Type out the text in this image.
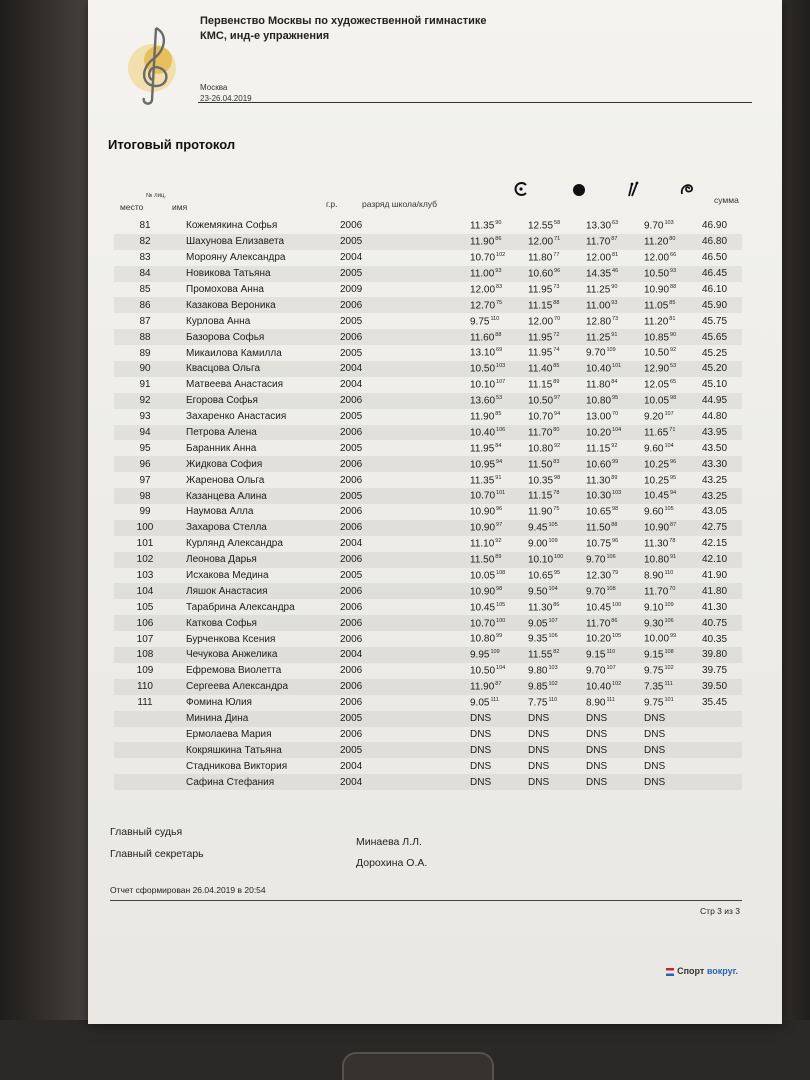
Первенство Москвы по художественной гимнастике
КМС, инд-е упражнения
Москва
23-26.04.2019
Итоговый протокол
место
№ лиц.
имя	г.р.	разряд школа/клуб	сумма
81	Кожемякина Софья	2006	11.35$^{90}$	12.55$^{58}$	13.30$^{63}$	9.70$^{103}$	46.90
82	Шахунова Елизавета	2005	11.90$^{86}$	12.00$^{71}$	11.70$^{87}$	11.20$^{80}$	46.80
83	Морояну Александра	2004	10.70$^{102}$	11.80$^{77}$	12.00$^{81}$	12.00$^{66}$	46.50
84	Новикова Татьяна	2005	11.00$^{93}$	10.60$^{96}$	14.35$^{46}$	10.50$^{93}$	46.45
85	Промохова Анна	2009	12.00$^{83}$	11.95$^{73}$	11.25$^{90}$	10.90$^{88}$	46.10
86	Казакова Вероника	2006	12.70$^{75}$	11.15$^{88}$	11.00$^{93}$	11.05$^{85}$	45.90
87	Курлова Анна	2005	9.75$^{110}$	12.00$^{70}$	12.80$^{73}$	11.20$^{81}$	45.75
88	Базорова Софья	2006	11.60$^{88}$	11.95$^{72}$	11.25$^{91}$	10.85$^{90}$	45.65
89	Микаилова Камилла	2005	13.10$^{69}$	11.95$^{74}$	9.70$^{109}$	10.50$^{92}$	45.25
90	Квасцова Ольга	2004	10.50$^{103}$	11.40$^{85}$	10.40$^{101}$	12.90$^{53}$	45.20
91	Матвеева Анастасия	2004	10.10$^{107}$	11.15$^{89}$	11.80$^{84}$	12.05$^{65}$	45.10
92	Егорова Софья	2006	13.60$^{53}$	10.50$^{97}$	10.80$^{95}$	10.05$^{98}$	44.95
93	Захаренко Анастасия	2005	11.90$^{85}$	10.70$^{94}$	13.00$^{70}$	9.20$^{107}$	44.80
94	Петрова Алена	2006	10.40$^{106}$	11.70$^{80}$	10.20$^{104}$	11.65$^{71}$	43.95
95	Баранник Анна	2005	11.95$^{84}$	10.80$^{92}$	11.15$^{92}$	9.60$^{104}$	43.50
96	Жидкова София	2006	10.95$^{94}$	11.50$^{83}$	10.60$^{99}$	10.25$^{96}$	43.30
97	Жаренова Ольга	2006	11.35$^{91}$	10.35$^{98}$	11.30$^{89}$	10.25$^{95}$	43.25
98	Казанцева Алина	2005	10.70$^{101}$	11.15$^{78}$	10.30$^{103}$	10.45$^{94}$	43.25
99	Наумова Алла	2006	10.90$^{96}$	11.90$^{75}$	10.65$^{98}$	9.60$^{105}$	43.05
100	Захарова Стелла	2006	10.90$^{97}$	9.45$^{105}$	11.50$^{88}$	10.90$^{87}$	42.75
101	Курлянд Александра	2004	11.10$^{92}$	9.00$^{109}$	10.75$^{96}$	11.30$^{78}$	42.15
102	Леонова Дарья	2006	11.50$^{89}$	10.10$^{100}$	9.70$^{106}$	10.80$^{91}$	42.10
103	Исхакова Медина	2005	10.05$^{108}$	10.65$^{95}$	12.30$^{79}$	8.90$^{110}$	41.90
104	Ляшок Анастасия	2006	10.90$^{98}$	9.50$^{104}$	9.70$^{108}$	11.70$^{70}$	41.80
105	Тарабрина Александра	2006	10.45$^{105}$	11.30$^{86}$	10.45$^{100}$	9.10$^{109}$	41.30
106	Каткова Софья	2006	10.70$^{100}$	9.05$^{107}$	11.70$^{86}$	9.30$^{106}$	40.75
107	Бурченкова Ксения	2006	10.80$^{99}$	9.35$^{106}$	10.20$^{105}$	10.00$^{99}$	40.35
108	Чечукова Анжелика	2004	9.95$^{109}$	11.55$^{82}$	9.15$^{110}$	9.15$^{108}$	39.80
109	Ефремова Виолетта	2006	10.50$^{104}$	9.80$^{103}$	9.70$^{107}$	9.75$^{102}$	39.75
110	Сергеева Александра	2006	11.90$^{87}$	9.85$^{102}$	10.40$^{102}$	7.35$^{111}$	39.50
111	Фомина Юлия	2006	9.05$^{111}$	7.75$^{110}$	8.90$^{111}$	9.75$^{101}$	35.45
	Минина Дина	2005	DNS	DNS	DNS	DNS	
	Ермолаева Мария	2006	DNS	DNS	DNS	DNS	
	Кокряшкина Татьяна	2005	DNS	DNS	DNS	DNS	
	Стадникова Виктория	2004	DNS	DNS	DNS	DNS	
	Сафина Стефания	2004	DNS	DNS	DNS	DNS	
Главный судья
Главный секретарь
Минаева Л.Л.
Дорохина О.А.
Отчет сформирован 26.04.2019 в 20:54
Стр 3 из 3
Спорт вокруг.
